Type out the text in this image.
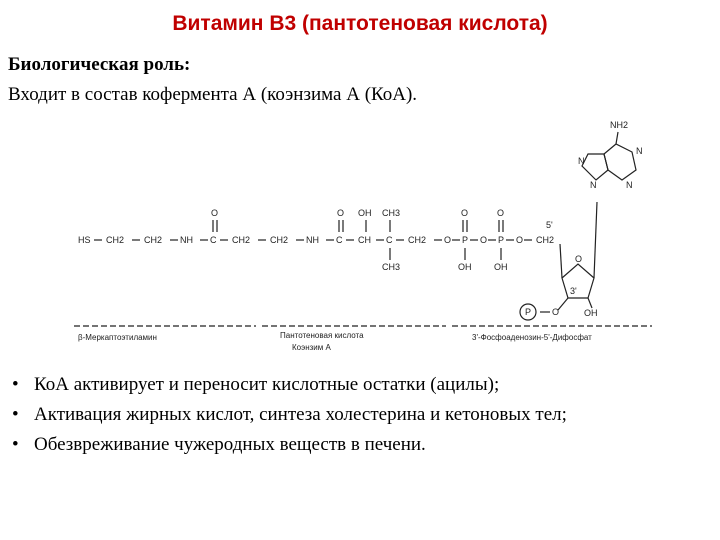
Витамин В3 (пантотеновая кислота)
Биологическая роль:
Входит в состав кофермента А (коэнзима А (КоА).
HS CH2 CH2 NH C CH2 CH2 NH C CH C CH2 O P O P O CH2
O	O OH CH3
CH3
O	O
OH	OH
NH2
N
N
N
N
O
5'
3'
O	OH
P
β-Меркаптоэтиламин	Пантотеновая кислота
Коэнзим А
3'-Фосфоаденозин-5'-Дифосфат
• КоА активирует и переносит кислотные остатки (ацилы);
• Активация жирных кислот, синтеза холестерина и кетоновых тел;
• Обезвреживание чужеродных веществ в печени.
